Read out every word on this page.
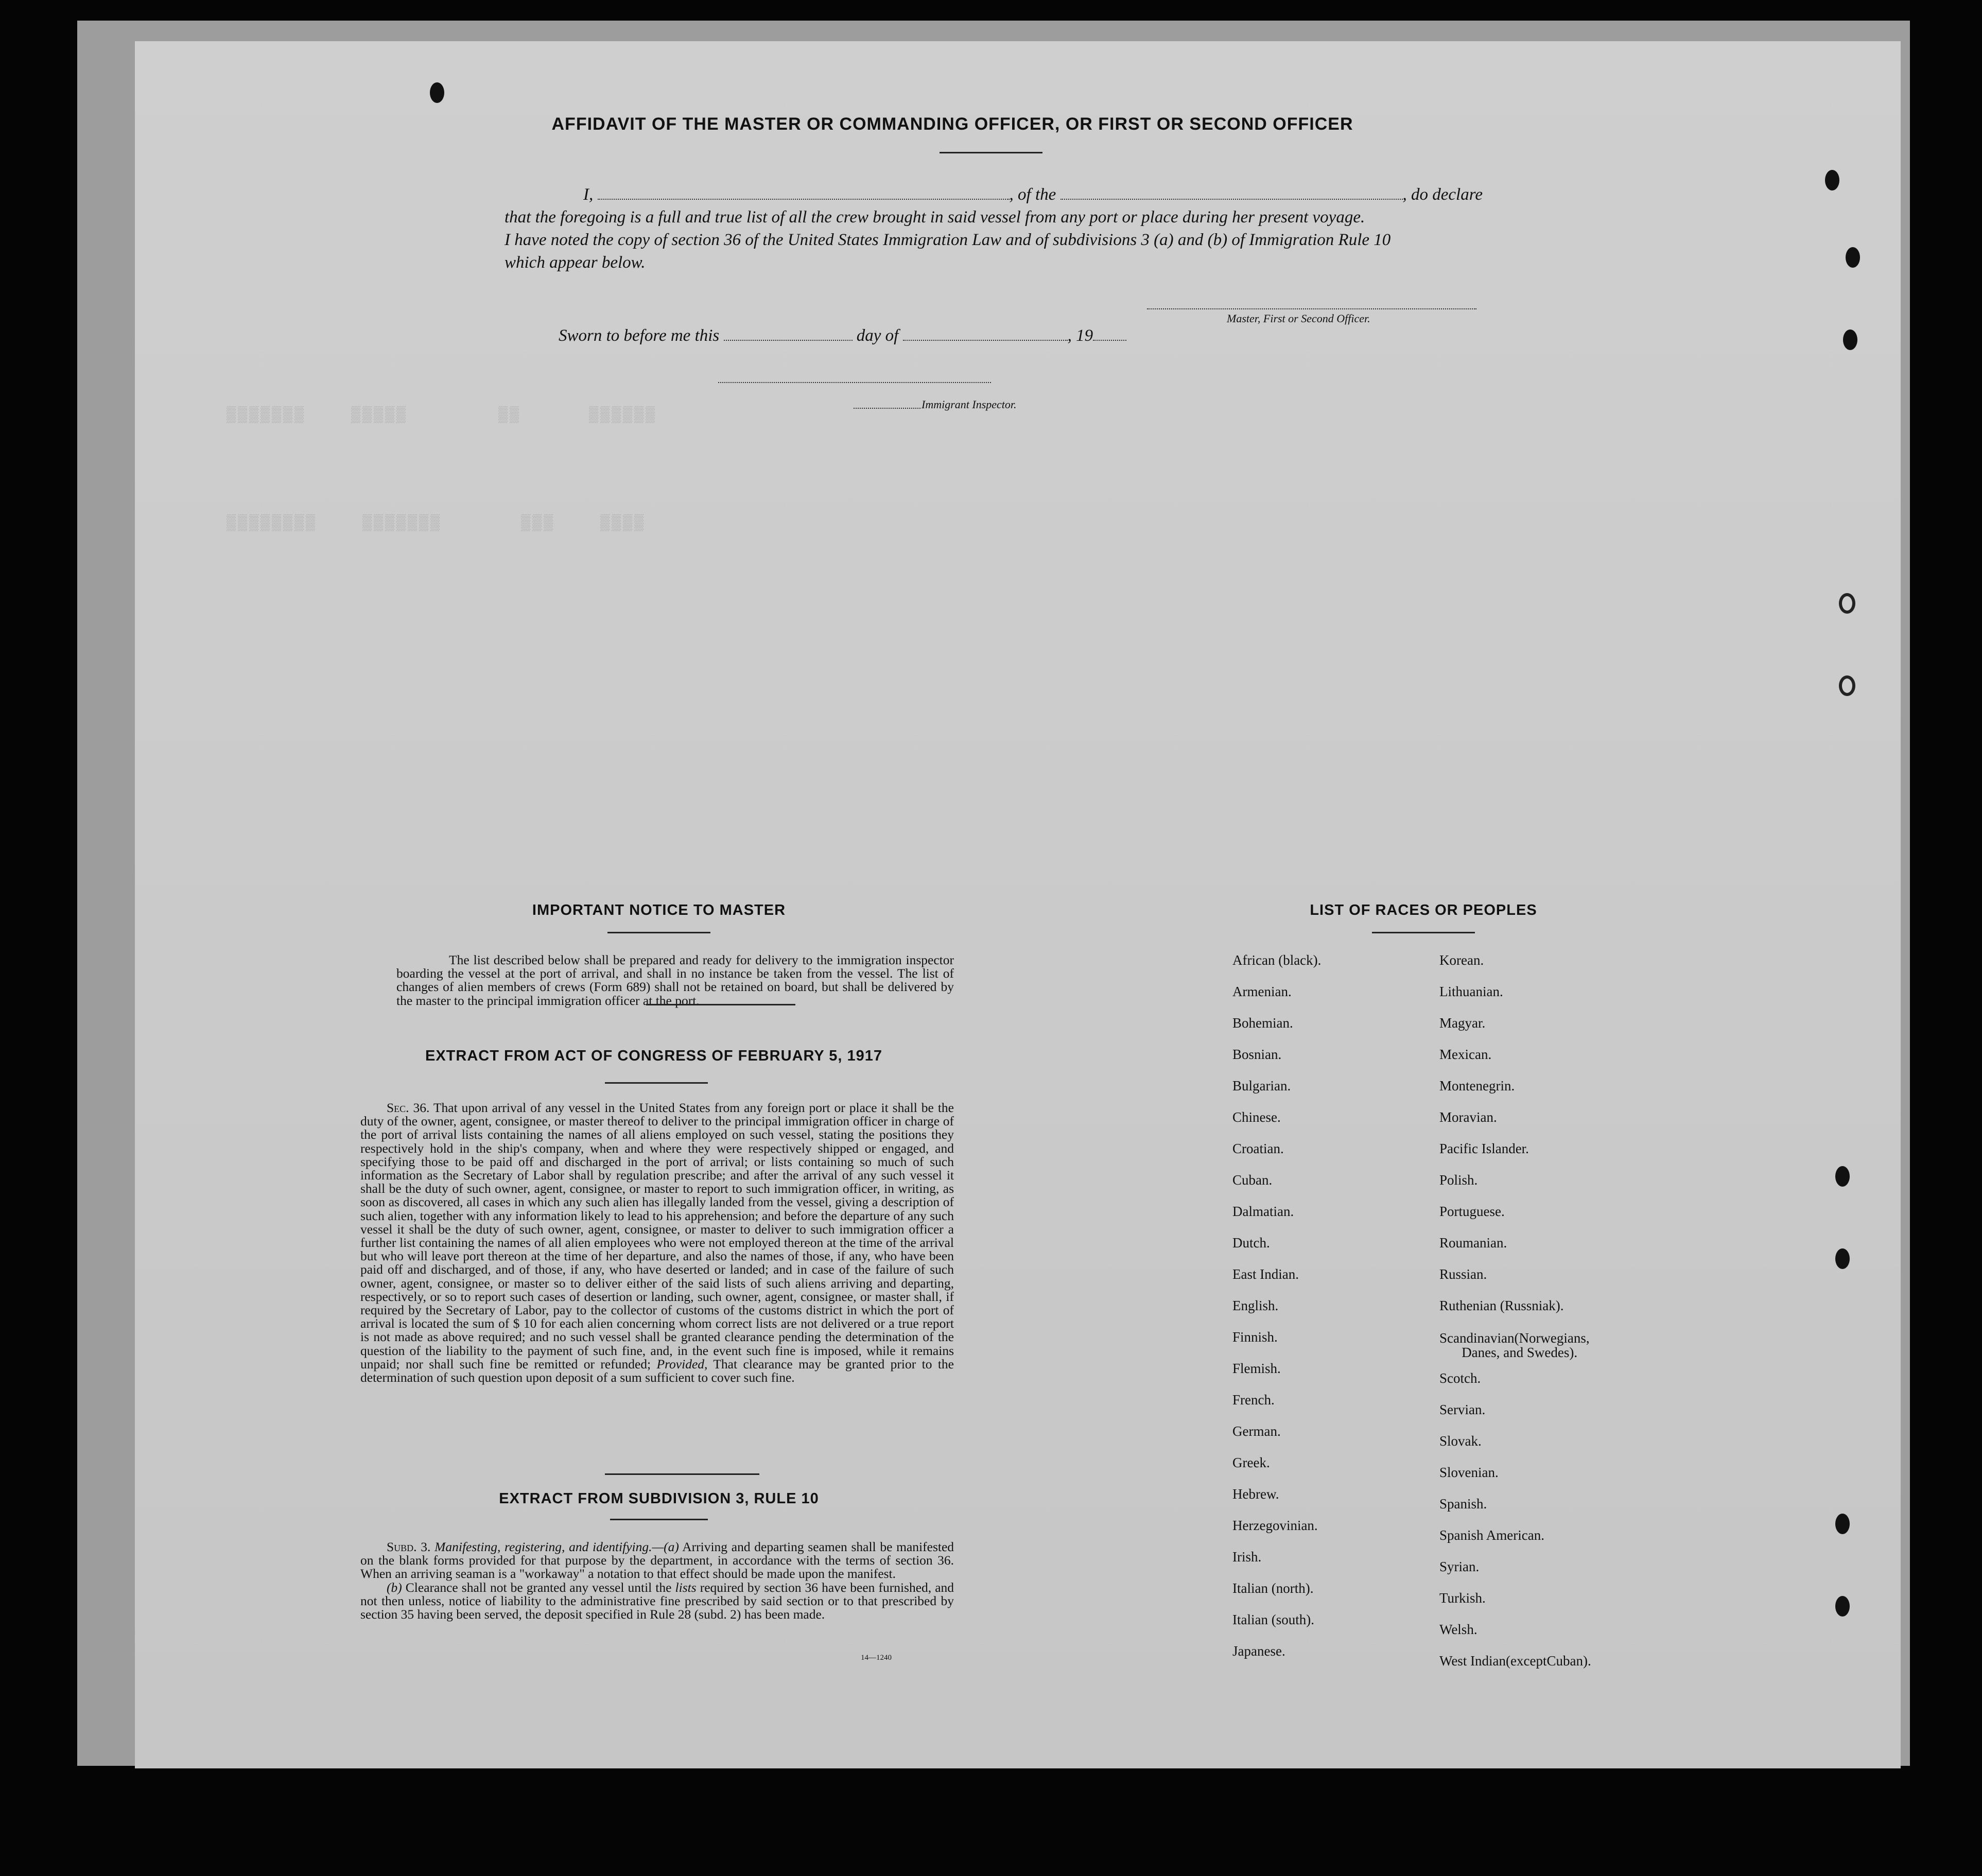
▒▒▒▒▒▒▒    ▒▒▒▒▒        ▒▒      ▒▒▒▒▒▒
▒▒▒▒▒▒▒▒    ▒▒▒▒▒▒▒       ▒▒▒    ▒▒▒▒
AFFIDAVIT OF THE MASTER OR COMMANDING OFFICER, OR FIRST OR SECOND OFFICER

I,	, of the	, do declare

that the foregoing is a full and true list of all the crew brought in said vessel from any port or place during her present voyage.

I have noted the copy of section 36 of the United States Immigration Law and of subdivisions 3 (a) and (b) of Immigration Rule 10

which appear below.

Master, First or Second Officer.
Sworn to before me this	day of	, 19
Immigrant Inspector.
IMPORTANT NOTICE TO MASTER

The list described below shall be prepared and ready for delivery to the immigration inspector boarding the vessel at the port of arrival, and shall in no instance be taken from the vessel. The list of changes of alien members of crews (Form 689) shall not be retained on board, but shall be delivered by the master to the principal immigration officer at the port.

EXTRACT FROM ACT OF CONGRESS OF FEBRUARY 5, 1917

Sec. 36. That upon arrival of any vessel in the United States from any foreign port or place it shall be the duty of the owner, agent, consignee, or master thereof to deliver to the principal immigration officer in charge of the port of arrival lists containing the names of all aliens employed on such vessel, stating the positions they respectively hold in the ship's company, when and where they were respectively shipped or engaged, and specifying those to be paid off and discharged in the port of arrival; or lists containing so much of such information as the Secretary of Labor shall by regulation prescribe; and after the arrival of any such vessel it shall be the duty of such owner, agent, consignee, or master to report to such immigration officer, in writing, as soon as discovered, all cases in which any such alien has illegally landed from the vessel, giving a description of such alien, together with any information likely to lead to his apprehension; and before the departure of any such vessel it shall be the duty of such owner, agent, consignee, or master to deliver to such immigration officer a further list containing the names of all alien employees who were not employed thereon at the time of the arrival but who will leave port thereon at the time of her departure, and also the names of those, if any, who have been paid off and discharged, and of those, if any, who have deserted or landed; and in case of the failure of such owner, agent, consignee, or master so to deliver either of the said lists of such aliens arriving and departing, respectively, or so to report such cases of desertion or landing, such owner, agent, consignee, or master shall, if required by the Secretary of Labor, pay to the collector of customs of the customs district in which the port of arrival is located the sum of $ 10 for each alien concerning whom correct lists are not delivered or a true report is not made as above required; and no such vessel shall be granted clearance pending the determination of the question of the liability to the payment of such fine, and, in the event such fine is imposed, while it remains unpaid; nor shall such fine be remitted or refunded; Provided, That clearance may be granted prior to the determination of such question upon deposit of a sum sufficient to cover such fine.

EXTRACT FROM SUBDIVISION 3, RULE 10

Subd. 3. Manifesting, registering, and identifying.—(a) Arriving and departing seamen shall be manifested on the blank forms provided for that purpose by the department, in accordance with the terms of section 36. When an arriving seaman is a "workaway" a notation to that effect should be made upon the manifest.

(b) Clearance shall not be granted any vessel until the lists required by section 36 have been furnished, and not then unless, notice of liability to the administrative fine prescribed by said section or to that prescribed by section 35 having been served, the deposit specified in Rule 28 (subd. 2) has been made.

14—1240
LIST OF RACES OR PEOPLES
African (black).
Armenian.
Bohemian.
Bosnian.
Bulgarian.
Chinese.
Croatian.
Cuban.
Dalmatian.
Dutch.
East Indian.
English.
Finnish.
Flemish.
French.
German.
Greek.
Hebrew.
Herzegovinian.
Irish.
Italian (north).
Italian (south).
Japanese.
Korean.
Lithuanian.
Magyar.
Mexican.
Montenegrin.
Moravian.
Pacific Islander.
Polish.
Portuguese.
Roumanian.
Russian.
Ruthenian (Russniak).
Scandinavian(Norwegians,
Danes, and Swedes).
Scotch.
Servian.
Slovak.
Slovenian.
Spanish.
Spanish American.
Syrian.
Turkish.
Welsh.
West Indian(exceptCuban).
